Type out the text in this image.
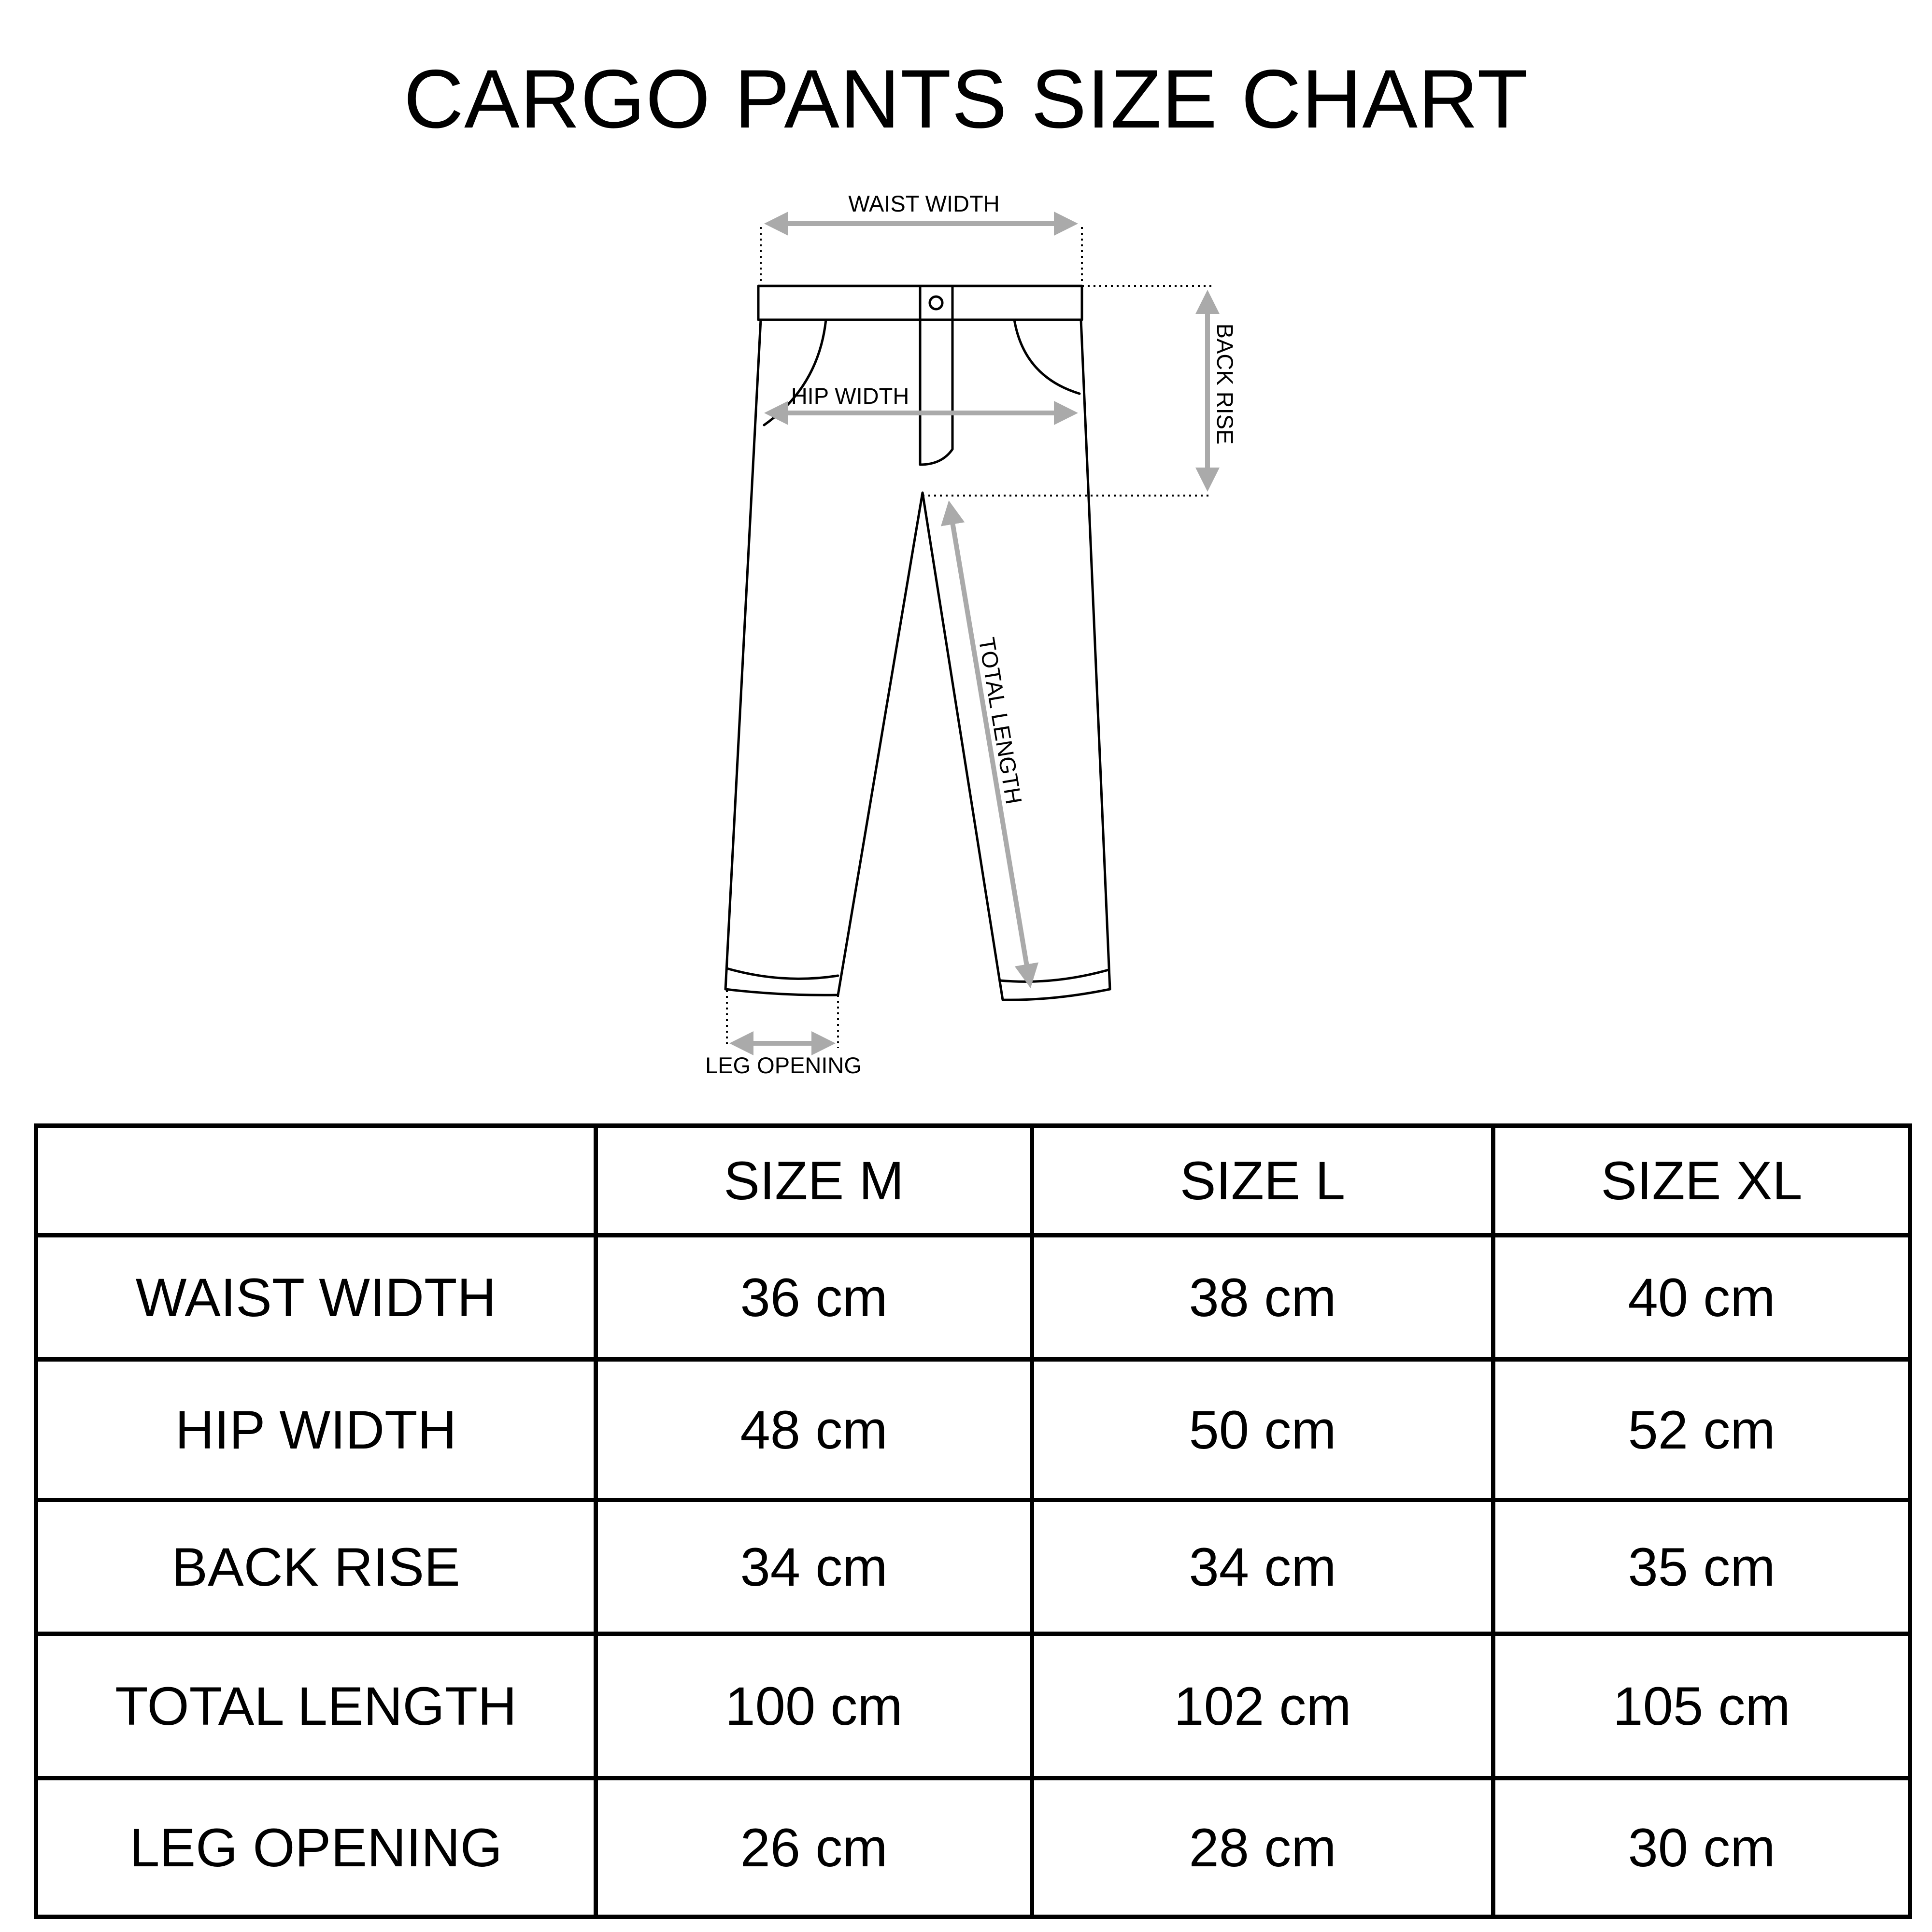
CARGO PANTS SIZE CHART
WAIST WIDTH
HIP WIDTH	BACK RISE
TOTAL LENGTH
LEG OPENING
	SIZE M	SIZE L	SIZE XL
WAIST WIDTH	36 cm	38 cm	40 cm
HIP WIDTH	48 cm	50 cm	52 cm
BACK RISE	34 cm	34 cm	35 cm
TOTAL LENGTH	100 cm	102 cm	105 cm
LEG OPENING	26 cm	28 cm	30 cm
